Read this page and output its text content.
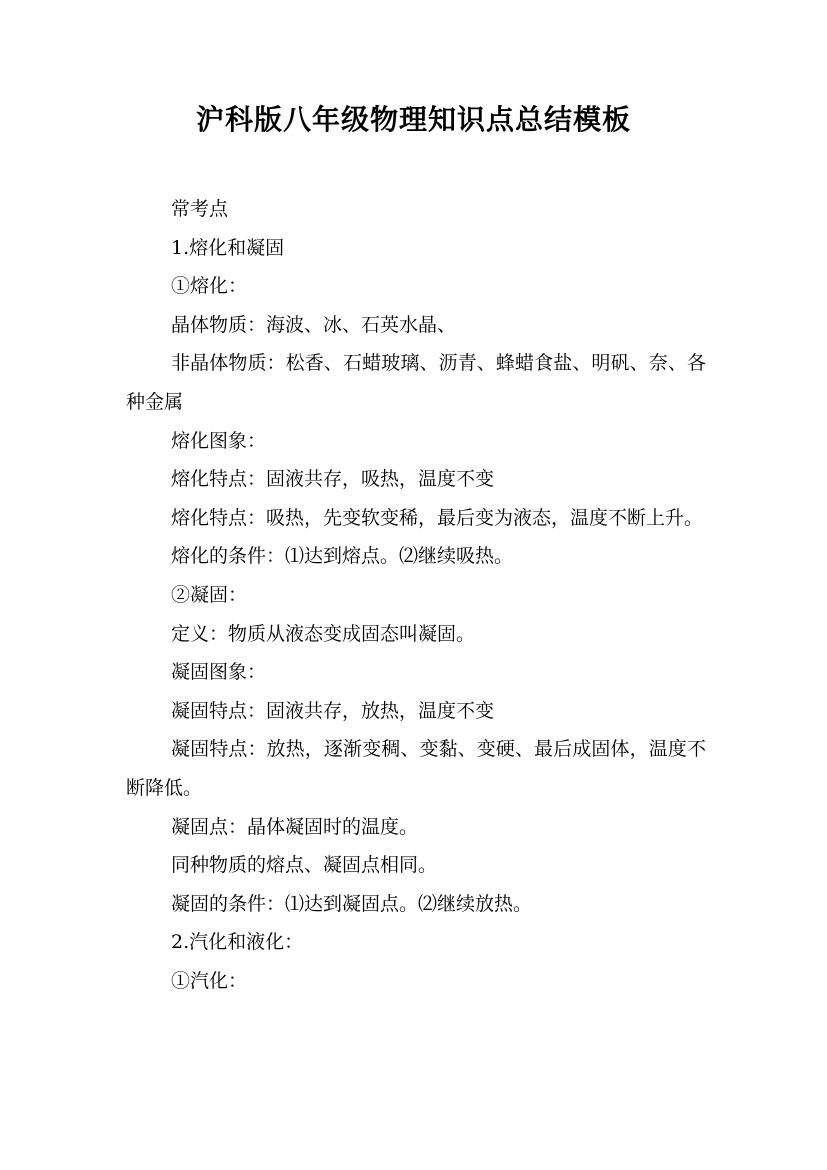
沪科版八年级物理知识点总结模板

常考点

1.熔化和凝固

①熔化：

晶体物质：海波、冰、石英水晶、

非晶体物质：松香、石蜡玻璃、沥青、蜂蜡食盐、明矾、奈、各种金属

熔化图象：

熔化特点：固液共存，吸热，温度不变

熔化特点：吸热，先变软变稀，最后变为液态，温度不断上升。

熔化的条件：⑴达到熔点。⑵继续吸热。

②凝固：

定义：物质从液态变成固态叫凝固。

凝固图象：

凝固特点：固液共存，放热，温度不变

凝固特点：放热，逐渐变稠、变黏、变硬、最后成固体，温度不断降低。

凝固点：晶体凝固时的温度。

同种物质的熔点、凝固点相同。

凝固的条件：⑴达到凝固点。⑵继续放热。

2.汽化和液化：

①汽化：
